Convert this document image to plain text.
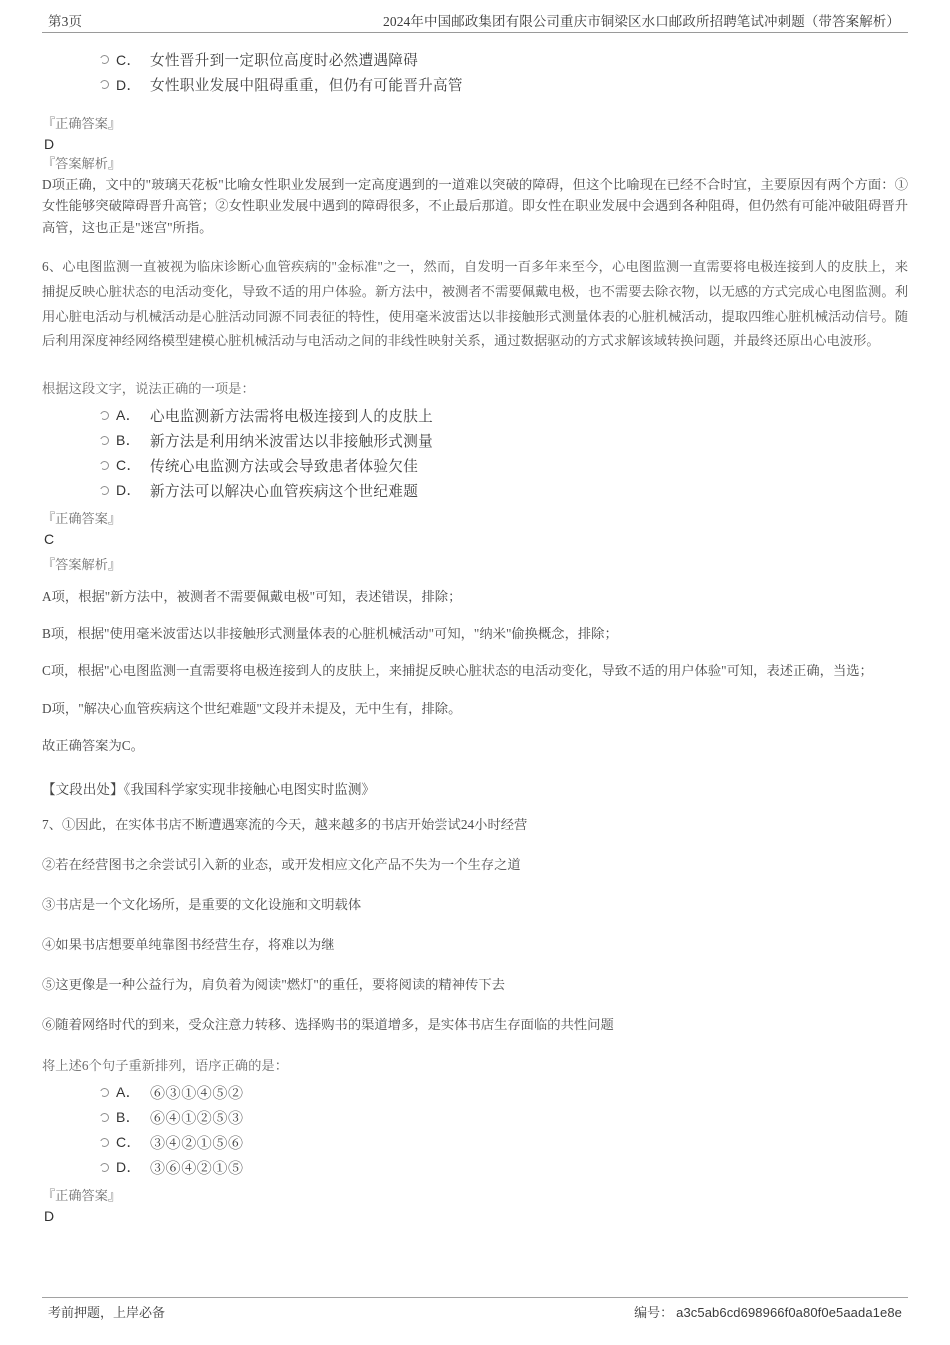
第3页	2024年中国邮政集团有限公司重庆市铜梁区水口邮政所招聘笔试冲刺题（带答案解析）
C． 女性晋升到一定职位高度时必然遭遇障碍
D． 女性职业发展中阻碍重重，但仍有可能晋升高管

『正确答案』

D

『答案解析』

D项正确，文中的"玻璃天花板"比喻女性职业发展到一定高度遇到的一道难以突破的障碍，但这个比喻现在已经不合时宜，主要原因有两个方面：①女性能够突破障碍晋升高管；②女性职业发展中遇到的障碍很多，不止最后那道。即女性在职业发展中会遇到各种阻碍，但仍然有可能冲破阻碍晋升高管，这也正是"迷宫"所指。

6、心电图监测一直被视为临床诊断心血管疾病的"金标准"之一，然而，自发明一百多年来至今，心电图监测一直需要将电极连接到人的皮肤上，来捕捉反映心脏状态的电活动变化，导致不适的用户体验。新方法中，被测者不需要佩戴电极，也不需要去除衣物，以无感的方式完成心电图监测。利用心脏电活动与机械活动是心脏活动同源不同表征的特性，使用毫米波雷达以非接触形式测量体表的心脏机械活动，提取四维心脏机械活动信号。随后利用深度神经网络模型建模心脏机械活动与电活动之间的非线性映射关系，通过数据驱动的方式求解该域转换问题，并最终还原出心电波形。

根据这段文字，说法正确的一项是：

A． 心电监测新方法需将电极连接到人的皮肤上
B． 新方法是利用纳米波雷达以非接触形式测量
C． 传统心电监测方法或会导致患者体验欠佳
D． 新方法可以解决心血管疾病这个世纪难题

『正确答案』

C

『答案解析』

A项，根据"新方法中，被测者不需要佩戴电极"可知，表述错误，排除；

B项，根据"使用毫米波雷达以非接触形式测量体表的心脏机械活动"可知，"纳米"偷换概念，排除；

C项，根据"心电图监测一直需要将电极连接到人的皮肤上，来捕捉反映心脏状态的电活动变化，导致不适的用户体验"可知，表述正确，当选；

D项，"解决心血管疾病这个世纪难题"文段并未提及，无中生有，排除。

故正确答案为C。

【文段出处】《我国科学家实现非接触心电图实时监测》

7、①因此，在实体书店不断遭遇寒流的今天，越来越多的书店开始尝试24小时经营

②若在经营图书之余尝试引入新的业态，或开发相应文化产品不失为一个生存之道

③书店是一个文化场所，是重要的文化设施和文明载体

④如果书店想要单纯靠图书经营生存，将难以为继

⑤这更像是一种公益行为，肩负着为阅读"燃灯"的重任，要将阅读的精神传下去

⑥随着网络时代的到来，受众注意力转移、选择购书的渠道增多，是实体书店生存面临的共性问题

将上述6个句子重新排列，语序正确的是：

A． ⑥③①④⑤②
B． ⑥④①②⑤③
C． ③④②①⑤⑥
D． ③⑥④②①⑤

『正确答案』

D

考前押题，上岸必备	编号： a3c5ab6cd698966f0a80f0e5aada1e8e
